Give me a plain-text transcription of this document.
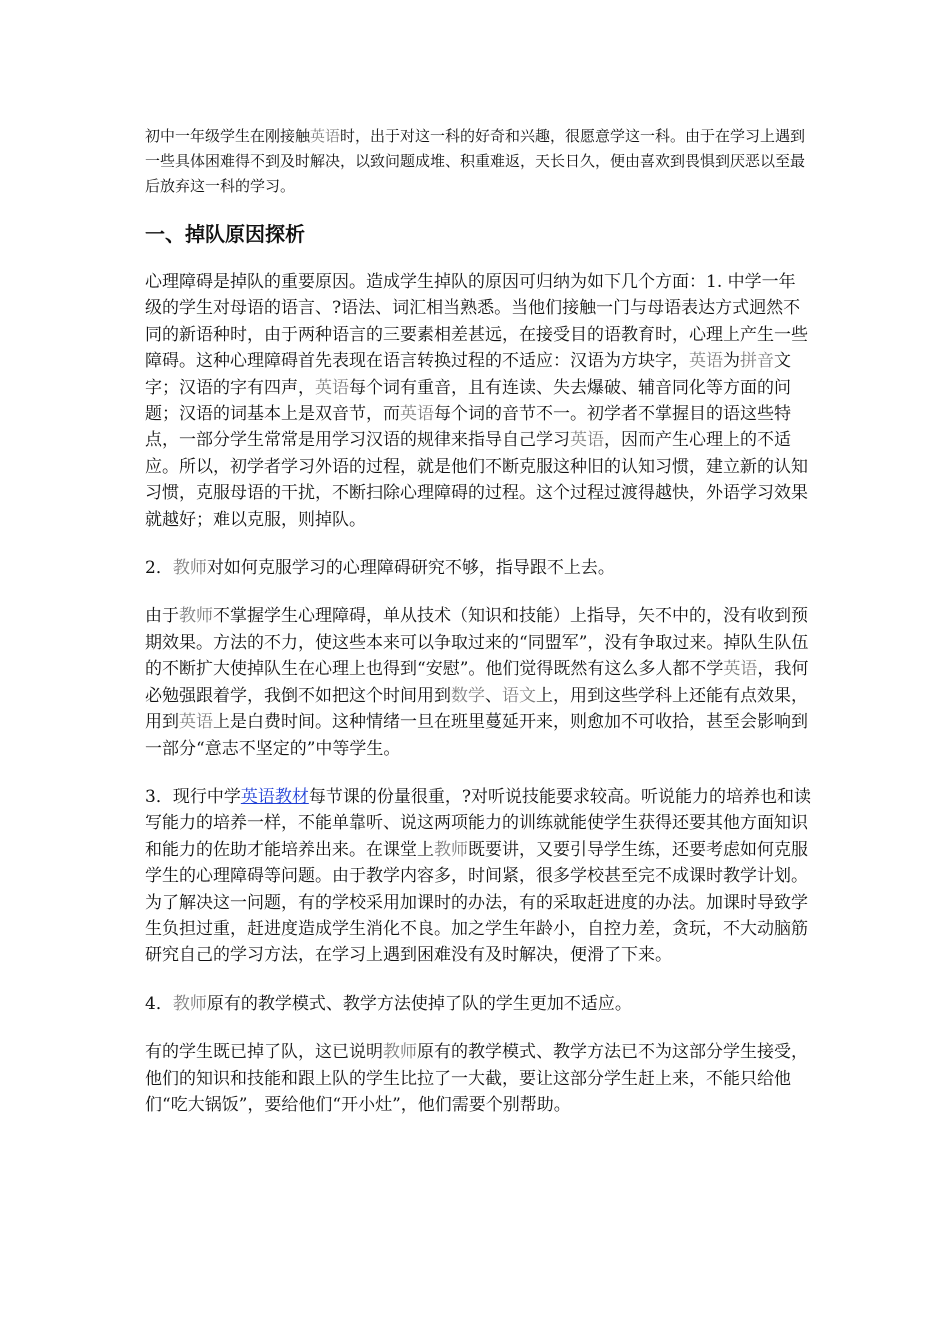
初中一年级学生在刚接触英语时，出于对这一科的好奇和兴趣，很愿意学这一科。由于在学习上遇到一些具体困难得不到及时解决，以致问题成堆、积重难返，天长日久，便由喜欢到畏惧到厌恶以至最后放弃这一科的学习。

一、掉队原因探析

心理障碍是掉队的重要原因。造成学生掉队的原因可归纳为如下几个方面：1. 中学一年级的学生对母语的语言、?语法、词汇相当熟悉。当他们接触一门与母语表达方式迥然不同的新语种时，由于两种语言的三要素相差甚远，在接受目的语教育时，心理上产生一些障碍。这种心理障碍首先表现在语言转换过程的不适应：汉语为方块字，英语为拼音文字；汉语的字有四声，英语每个词有重音，且有连读、失去爆破、辅音同化等方面的问题；汉语的词基本上是双音节，而英语每个词的音节不一。初学者不掌握目的语这些特点，一部分学生常常是用学习汉语的规律来指导自己学习英语，因而产生心理上的不适应。所以，初学者学习外语的过程，就是他们不断克服这种旧的认知习惯，建立新的认知习惯，克服母语的干扰，不断扫除心理障碍的过程。这个过程过渡得越快，外语学习效果就越好；难以克服，则掉队。

2．教师对如何克服学习的心理障碍研究不够，指导跟不上去。

由于教师不掌握学生心理障碍，单从技术（知识和技能）上指导，矢不中的，没有收到预期效果。方法的不力，使这些本来可以争取过来的“同盟军”，没有争取过来。掉队生队伍的不断扩大使掉队生在心理上也得到“安慰”。他们觉得既然有这么多人都不学英语，我何必勉强跟着学，我倒不如把这个时间用到数学、语文上，用到这些学科上还能有点效果，用到英语上是白费时间。这种情绪一旦在班里蔓延开来，则愈加不可收拾，甚至会影响到一部分“意志不坚定的”中等学生。

3．现行中学英语教材每节课的份量很重，?对听说技能要求较高。听说能力的培养也和读写能力的培养一样，不能单靠听、说这两项能力的训练就能使学生获得还要其他方面知识和能力的佐助才能培养出来。在课堂上教师既要讲，又要引导学生练，还要考虑如何克服学生的心理障碍等问题。由于教学内容多，时间紧，很多学校甚至完不成课时教学计划。为了解决这一问题，有的学校采用加课时的办法，有的采取赶进度的办法。加课时导致学生负担过重，赶进度造成学生消化不良。加之学生年龄小，自控力差，贪玩，不大动脑筋研究自己的学习方法，在学习上遇到困难没有及时解决，便滑了下来。

4．教师原有的教学模式、教学方法使掉了队的学生更加不适应。

有的学生既已掉了队，这已说明教师原有的教学模式、教学方法已不为这部分学生接受，他们的知识和技能和跟上队的学生比拉了一大截，要让这部分学生赶上来，不能只给他们“吃大锅饭”，要给他们“开小灶”，他们需要个别帮助。
